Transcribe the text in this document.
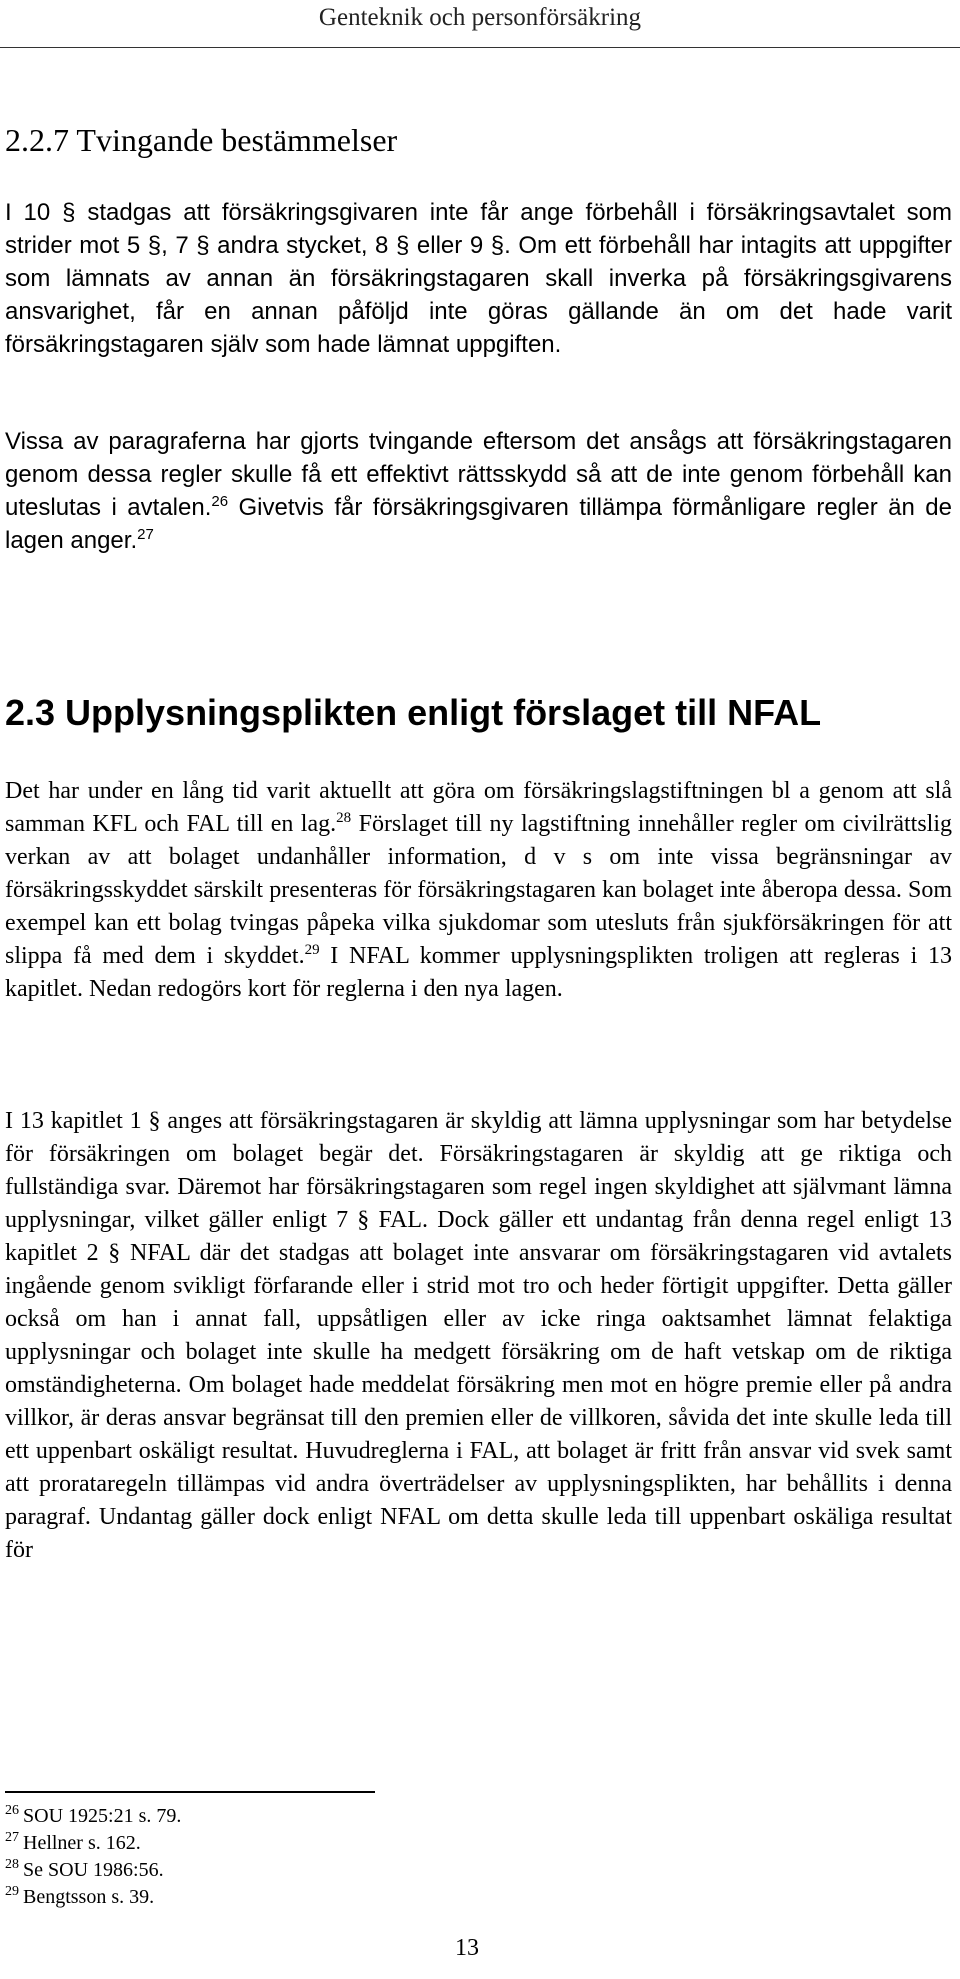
Genteknik och personförsäkring
2.2.7 Tvingande bestämmelser

I 10 § stadgas att försäkringsgivaren inte får ange förbehåll i försäkringsavtalet som strider mot 5 §, 7 § andra stycket, 8 § eller 9 §. Om ett förbehåll har intagits att uppgifter som lämnats av annan än försäkringstagaren skall inverka på försäkringsgivarens ansvarighet, får en annan påföljd inte göras gällande än om det hade varit försäkringstagaren själv som hade lämnat uppgiften.

Vissa av paragraferna har gjorts tvingande eftersom det ansågs att försäkringstagaren genom dessa regler skulle få ett effektivt rättsskydd så att de inte genom förbehåll kan uteslutas i avtalen.$^{26}$ Givetvis får försäkringsgivaren tillämpa förmånligare regler än de lagen anger.$^{27}$

2.3 Upplysningsplikten enligt förslaget till NFAL

Det har under en lång tid varit aktuellt att göra om försäkringslagstiftningen bl a genom att slå samman KFL och FAL till en lag.$^{28}$ Förslaget till ny lagstiftning innehåller regler om civilrättslig verkan av att bolaget undanhåller information, d v s om inte vissa begränsningar av försäkringsskyddet särskilt presenteras för försäkringstagaren kan bolaget inte åberopa dessa. Som exempel kan ett bolag tvingas påpeka vilka sjukdomar som utesluts från sjukförsäkringen för att slippa få med dem i skyddet.$^{29}$ I NFAL kommer upplysningsplikten troligen att regleras i 13 kapitlet. Nedan redogörs kort för reglerna i den nya lagen.

I 13 kapitlet 1 § anges att försäkringstagaren är skyldig att lämna upplysningar som har betydelse för försäkringen om bolaget begär det. Försäkringstagaren är skyldig att ge riktiga och fullständiga svar. Däremot har försäkringstagaren som regel ingen skyldighet att självmant lämna upplysningar, vilket gäller enligt 7 § FAL. Dock gäller ett undantag från denna regel enligt 13 kapitlet 2 § NFAL där det stadgas att bolaget inte ansvarar om försäkringstagaren vid avtalets ingående genom svikligt förfarande eller i strid mot tro och heder förtigit uppgifter. Detta gäller också om han i annat fall, uppsåtligen eller av icke ringa oaktsamhet lämnat felaktiga upplysningar och bolaget inte skulle ha medgett försäkring om de haft vetskap om de riktiga omständigheterna. Om bolaget hade meddelat försäkring men mot en högre premie eller på andra villkor, är deras ansvar begränsat till den premien eller de villkoren, såvida det inte skulle leda till ett uppenbart oskäligt resultat. Huvudreglerna i FAL, att bolaget är fritt från ansvar vid svek samt att prorataregeln tillämpas vid andra överträdelser av upplysningsplikten, har behållits i denna paragraf. Undantag gäller dock enligt NFAL om detta skulle leda till uppenbart oskäliga resultat för

$^{26}$ SOU 1925:21 s. 79.
$^{27}$ Hellner s. 162.
$^{28}$ Se SOU 1986:56.
$^{29}$ Bengtsson s. 39.
13
